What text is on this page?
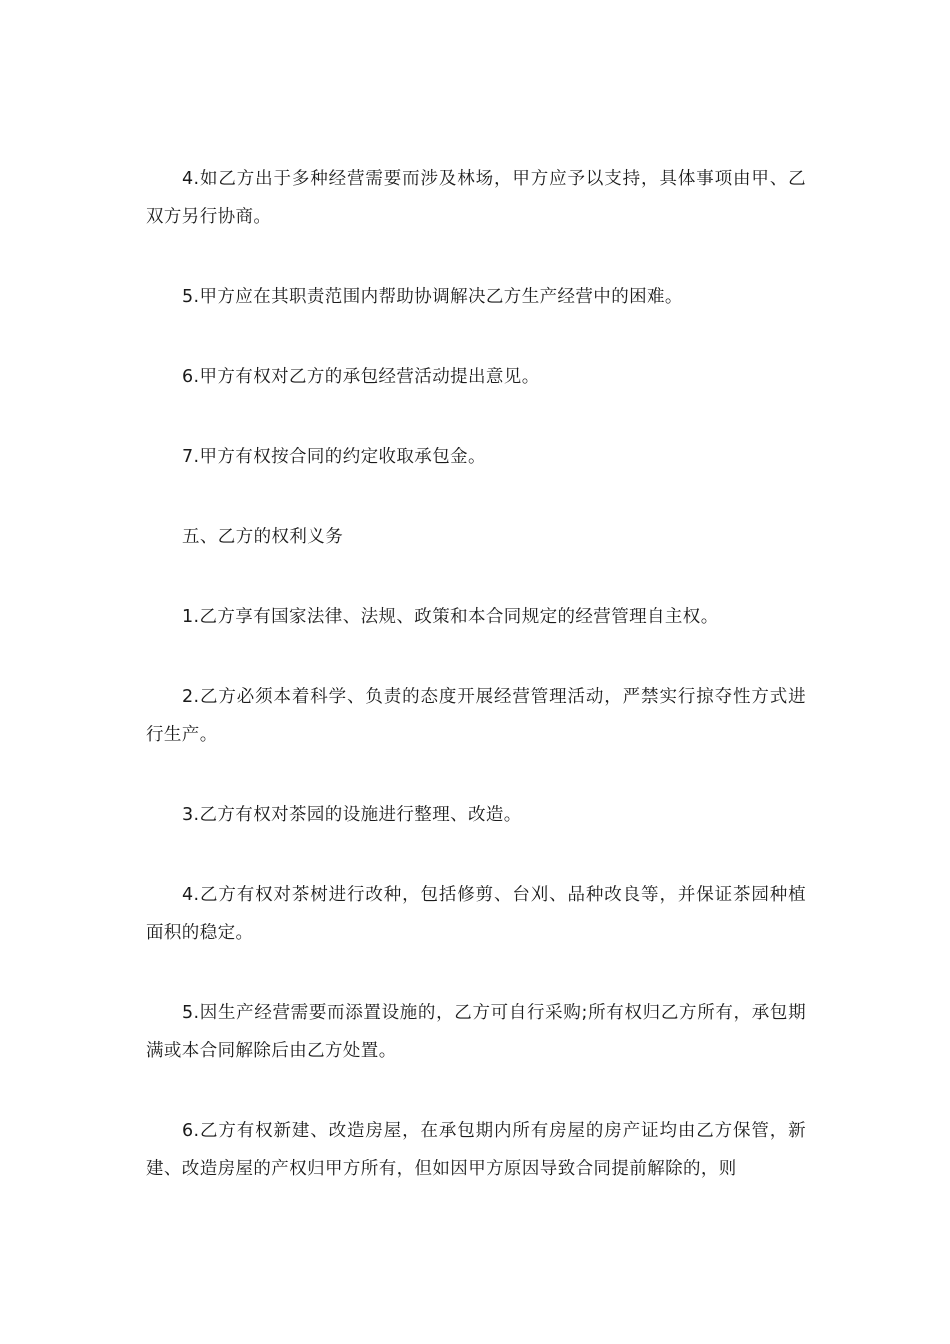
4.如乙方出于多种经营需要而涉及林场，甲方应予以支持，具体事项由甲、乙双方另行协商。

5.甲方应在其职责范围内帮助协调解决乙方生产经营中的困难。

6.甲方有权对乙方的承包经营活动提出意见。

7.甲方有权按合同的约定收取承包金。

五、乙方的权利义务

1.乙方享有国家法律、法规、政策和本合同规定的经营管理自主权。

2.乙方必须本着科学、负责的态度开展经营管理活动，严禁实行掠夺性方式进行生产。

3.乙方有权对茶园的设施进行整理、改造。

4.乙方有权对茶树进行改种，包括修剪、台刈、品种改良等，并保证茶园种植面积的稳定。

5.因生产经营需要而添置设施的，乙方可自行采购;所有权归乙方所有，承包期满或本合同解除后由乙方处置。

6.乙方有权新建、改造房屋，在承包期内所有房屋的房产证均由乙方保管，新建、改造房屋的产权归甲方所有，但如因甲方原因导致合同提前解除的，则
